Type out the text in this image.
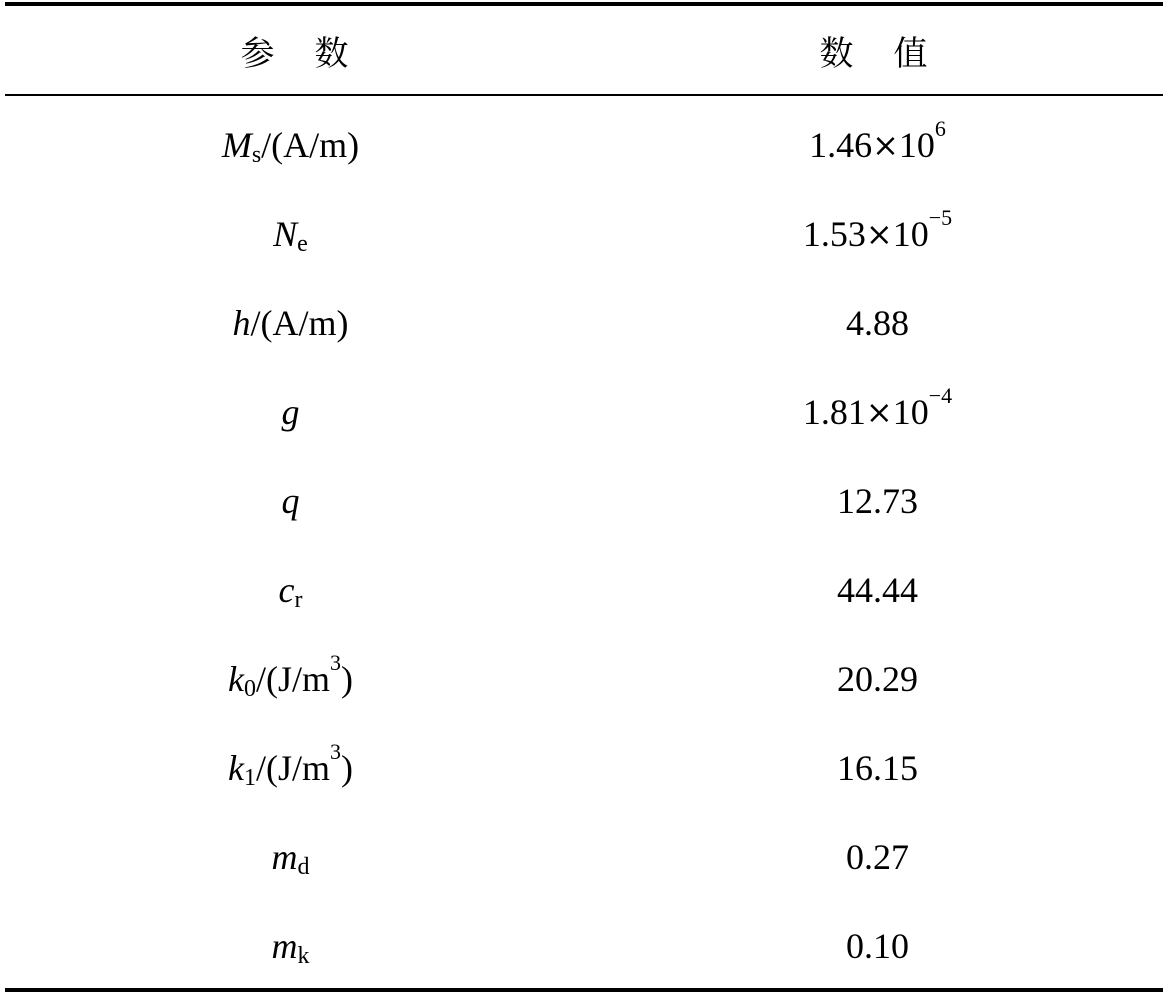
参数	数值
M s /(A/m)	1.46 × 10 6
N e	1.53 × 10 −5
h /(A/m)	4.88
g	1.81 × 10 −4
q	12.73
c r	44.44
k 0 /(J/m 3 )	20.29
k 1 /(J/m 3 )	16.15
m d	0.27
m k	0.10
